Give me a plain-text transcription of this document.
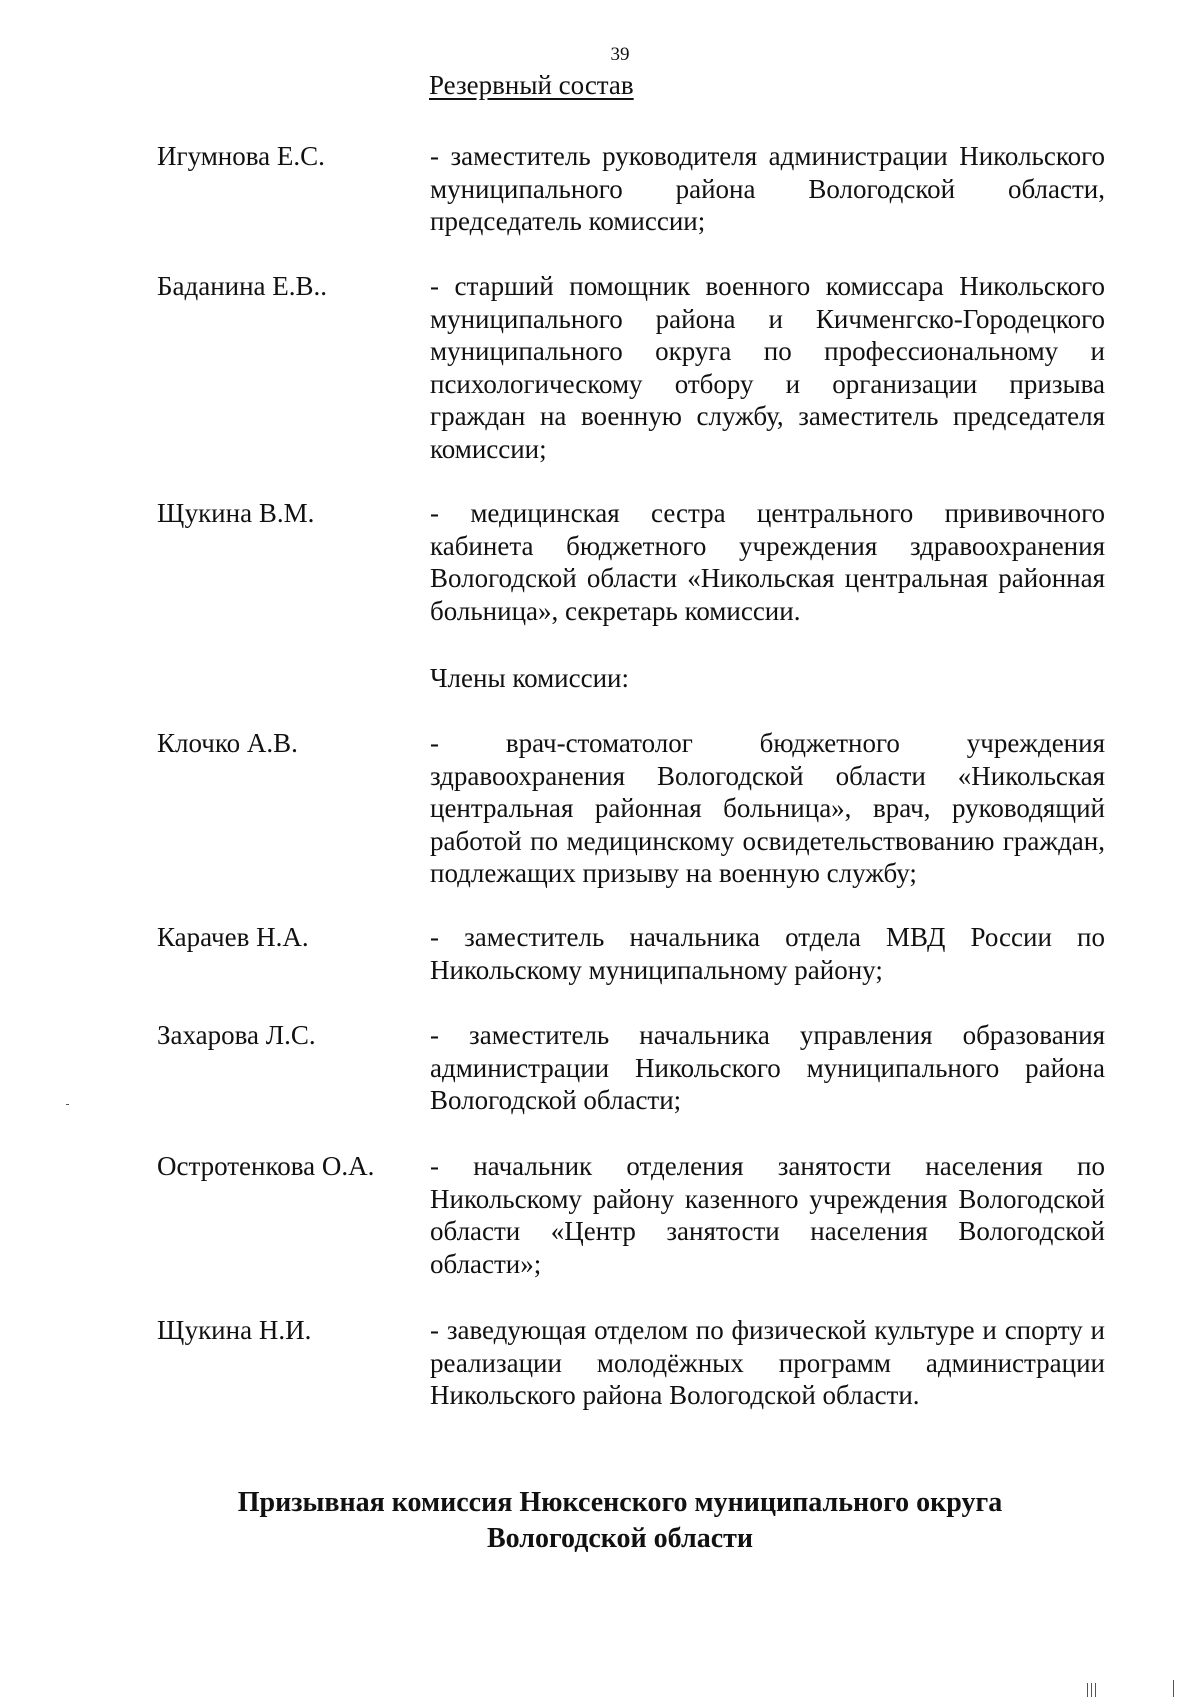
39
Резервный состав
Игумнова Е.С.	- заместитель руководителя администрации Никольского муниципального района Вологодской области, председатель комиссии;
Баданина Е.В..	- старший помощник военного комиссара Никольского муниципального района и Кичменгско-Городецкого муниципального округа по профессиональному и психологическому отбору и организации призыва граждан на военную службу, заместитель председателя комиссии;
Щукина В.М.	- медицинская сестра центрального прививочного кабинета бюджетного учреждения здравоохранения Вологодской области «Никольская центральная районная больница», секретарь комиссии.
Члены комиссии:
Клочко А.В.	- врач-стоматолог бюджетного учреждения здравоохранения Вологодской области «Никольская центральная районная больница», врач, руководящий работой по медицинскому освидетельствованию граждан, подлежащих призыву на военную службу;
Карачев Н.А.	- заместитель начальника отдела МВД России по Никольскому муниципальному району;
Захарова Л.С.	- заместитель начальника управления образования администрации Никольского муниципального района Вологодской области;
Остротенкова О.А. - начальник отделения занятости населения по Никольскому району казенного учреждения Вологодской области «Центр занятости населения Вологодской области»;
Щукина Н.И.	- заведующая отделом по физической культуре и спорту и реализации молодёжных программ администрации Никольского района Вологодской области.
Призывная комиссия Нюксенского муниципального округа
Вологодской области
